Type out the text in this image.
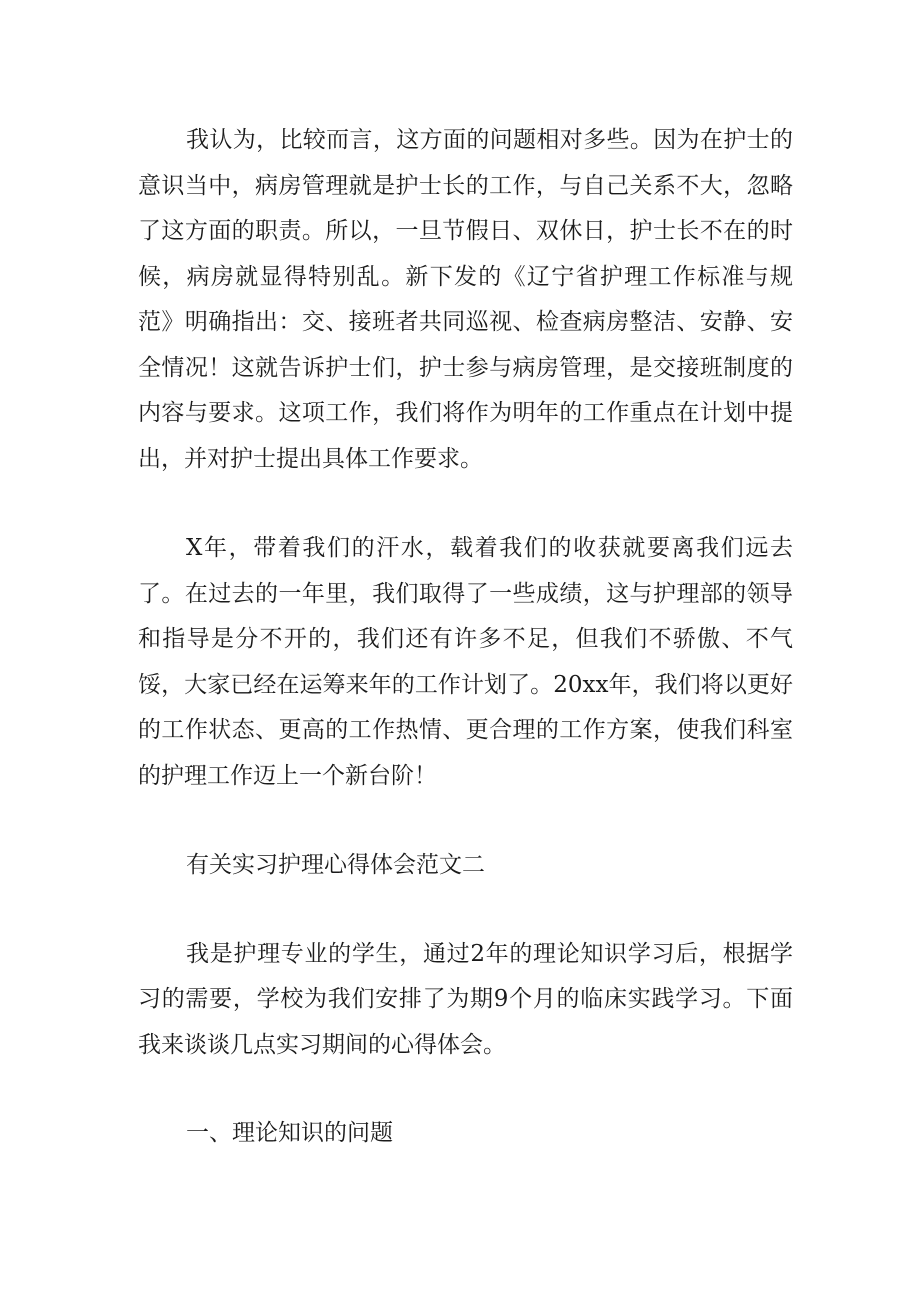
我认为，比较而言，这方面的问题相对多些。因为在护士的意识当中，病房管理就是护士长的工作，与自己关系不大，忽略了这方面的职责。所以，一旦节假日、双休日，护士长不在的时候，病房就显得特别乱。新下发的《辽宁省护理工作标准与规范》明确指出：交、接班者共同巡视、检查病房整洁、安静、安全情况！这就告诉护士们，护士参与病房管理，是交接班制度的内容与要求。这项工作，我们将作为明年的工作重点在计划中提出，并对护士提出具体工作要求。

X年，带着我们的汗水，载着我们的收获就要离我们远去了。在过去的一年里，我们取得了一些成绩，这与护理部的领导和指导是分不开的，我们还有许多不足，但我们不骄傲、不气馁，大家已经在运筹来年的工作计划了。20xx年，我们将以更好的工作状态、更高的工作热情、更合理的工作方案，使我们科室的护理工作迈上一个新台阶！

有关实习护理心得体会范文二

我是护理专业的学生，通过2年的理论知识学习后，根据学习的需要，学校为我们安排了为期9个月的临床实践学习。下面我来谈谈几点实习期间的心得体会。

一、理论知识的问题
